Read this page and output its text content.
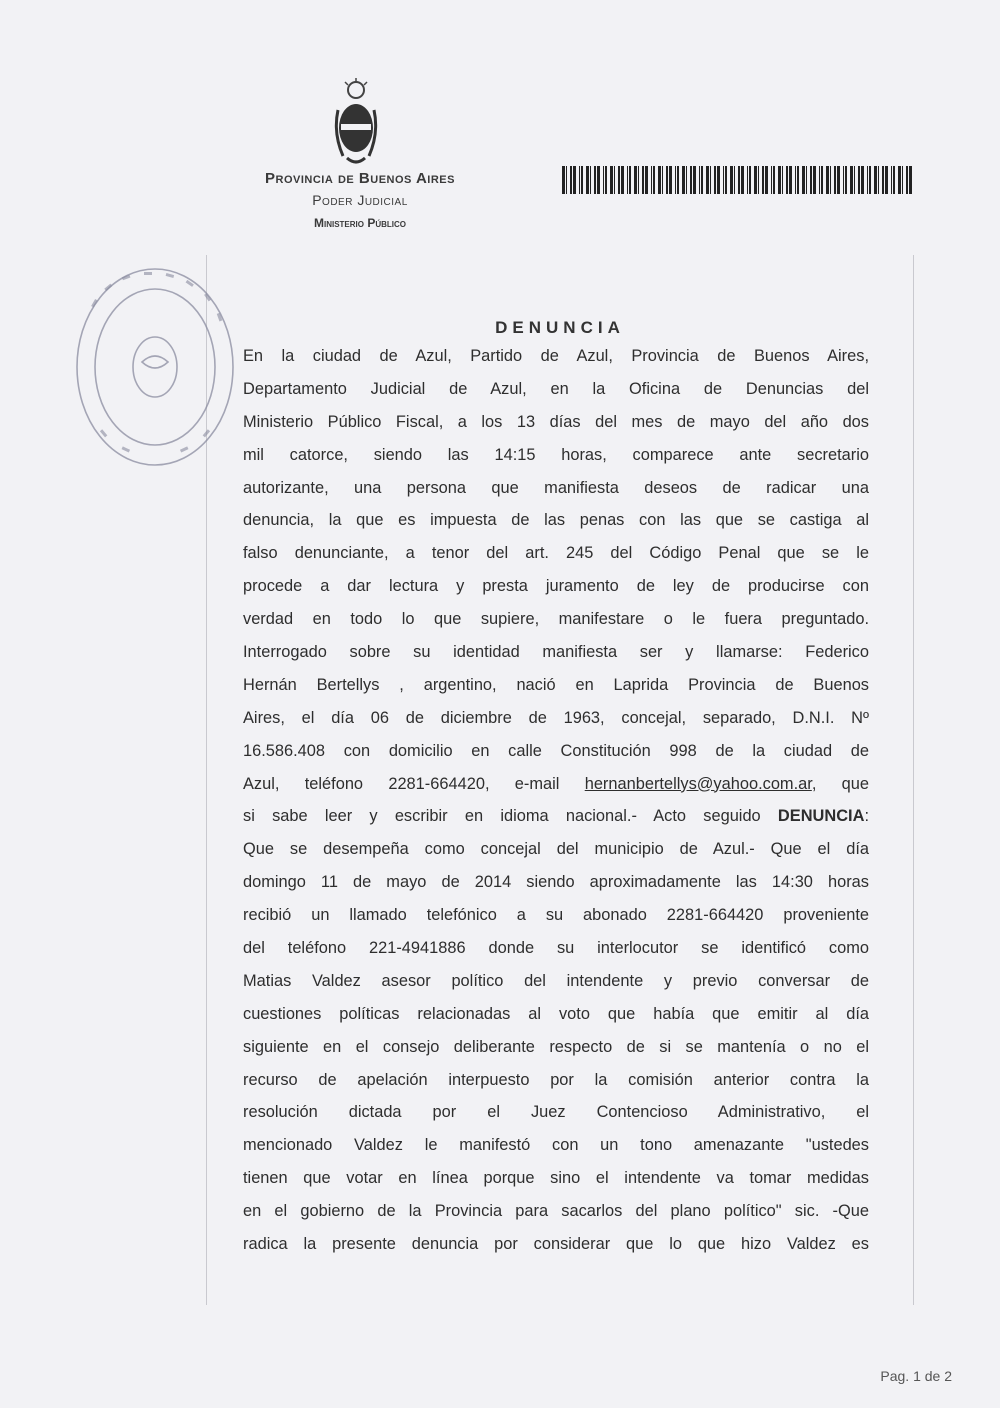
Provincia de Buenos Aires
Poder Judicial
Ministerio Público
DENUNCIA
En la ciudad de Azul, Partido de Azul, Provincia de Buenos Aires,
Departamento Judicial de Azul, en la Oficina de Denuncias del
Ministerio Público Fiscal, a los 13 días del mes de mayo del año dos
mil catorce, siendo las 14:15 horas, comparece ante secretario
autorizante, una persona que manifiesta deseos de radicar una
denuncia, la que es impuesta de las penas con las que se castiga al
falso denunciante, a tenor del art. 245 del Código Penal que se le
procede a dar lectura y presta juramento de ley de producirse con
verdad en todo lo que supiere, manifestare o le fuera preguntado.
Interrogado sobre su identidad manifiesta ser y llamarse: Federico
Hernán Bertellys , argentino, nació en Laprida Provincia de Buenos
Aires, el día 06 de diciembre de 1963, concejal, separado, D.N.I. Nº
16.586.408 con domicilio en calle Constitución 998 de la ciudad de
Azul, teléfono 2281-664420, e-mail hernanbertellys@yahoo.com.ar, que
si sabe leer y escribir en idioma nacional.- Acto seguido DENUNCIA:
Que se desempeña como concejal del municipio de Azul.- Que el día
domingo 11 de mayo de 2014 siendo aproximadamente las 14:30 horas
recibió un llamado telefónico a su abonado 2281-664420 proveniente
del teléfono 221-4941886 donde su interlocutor se identificó como
Matias Valdez asesor político del intendente y previo conversar de
cuestiones políticas relacionadas al voto que había que emitir al día
siguiente en el consejo deliberante respecto de si se mantenía o no el
recurso de apelación interpuesto por la comisión anterior contra la
resolución dictada por el Juez Contencioso Administrativo, el
mencionado Valdez le manifestó con un tono amenazante "ustedes
tienen que votar en línea porque sino el intendente va tomar medidas
en el gobierno de la Provincia para sacarlos del plano político" sic. -Que
radica la presente denuncia por considerar que lo que hizo Valdez es
Pag. 1 de 2
